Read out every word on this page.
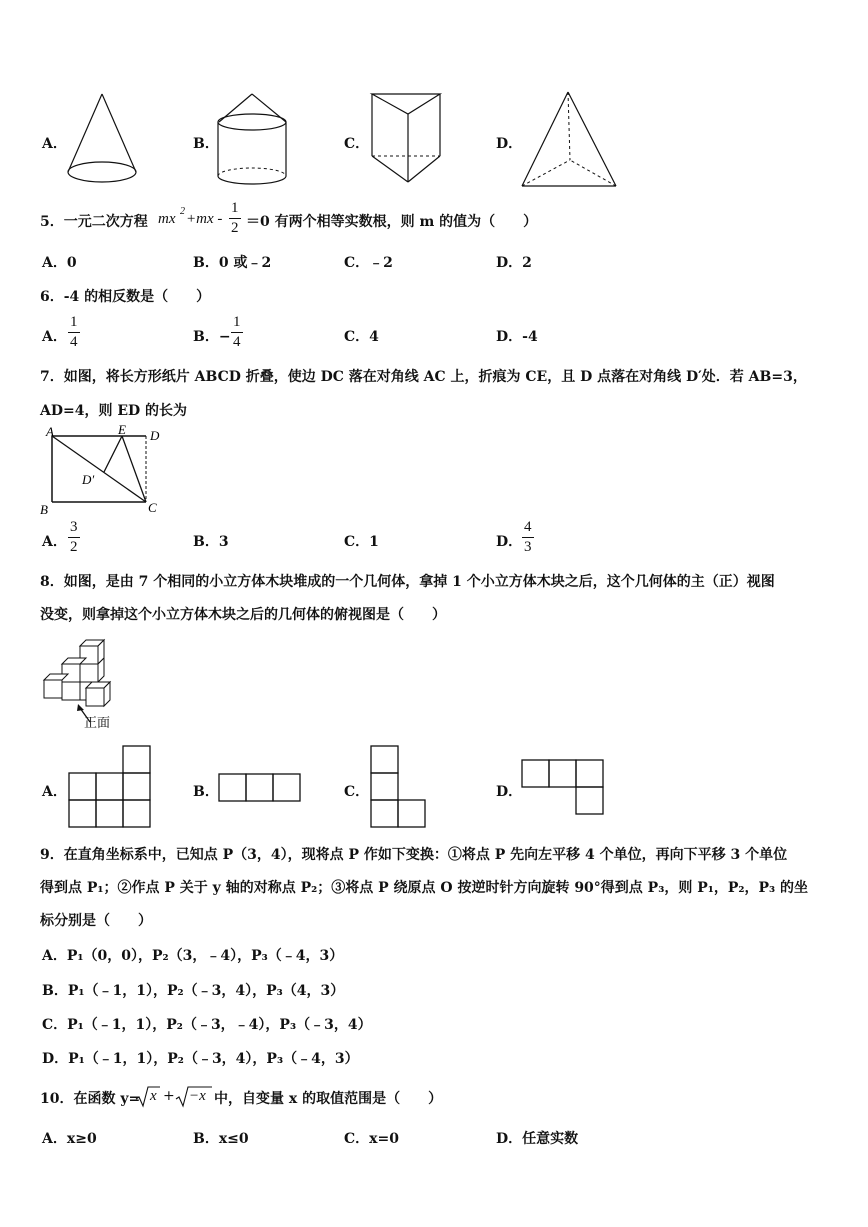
A．	B．	C．	D．
5．一元二次方程 mx $2 +mx - \frac{1}{2} =0$ 有两个相等实数根，则 m 的值为（　　）
A．0	B．0 或﹣2	C．﹣2	D．2
6．-4 的相反数是（　　）
A． $\frac{1}{4}$	B．− $\frac{1}{4}$	C．4	D．-4
7．如图，将长方形纸片 ABCD 折叠，使边 DC 落在对角线 AC 上，折痕为 CE，且 D 点落在对角线 D′处．若 AB=3，
AD=4，则 ED 的长为
A	E D
D′
B	C
A． $\frac{3}{2}$	B．3	C．1	D． $\frac{4}{3}$
8．如图，是由 7 个相同的小立方体木块堆成的一个几何体，拿掉 1 个小立方体木块之后，这个几何体的主（正）视图
没变，则拿掉这个小立方体木块之后的几何体的俯视图是（　　）
正面
A．	B．	C．	D．
9．在直角坐标系中，已知点 P（3，4），现将点 P 作如下变换：①将点 P 先向左平移 4 个单位，再向下平移 3 个单位
得到点 P₁；②作点 P 关于 y 轴的对称点 P₂；③将点 P 绕原点 O 按逆时针方向旋转 90°得到点 P₃，则 P₁，P₂，P₃ 的坐
标分别是（　　）
A．P₁（0，0），P₂（3，﹣4），P₃（﹣4，3）
B．P₁（﹣1，1），P₂（﹣3，4），P₃（4，3）
C．P₁（﹣1，1），P₂（﹣3，﹣4），P₃（﹣3，4）
D．P₁（﹣1，1），P₂（﹣3，4），P₃（﹣4，3）
10．在函数 y= x + −x 中，自变量 x 的取值范围是（　　）
A．x≥0	B．x≤0	C．x=0	D．任意实数
